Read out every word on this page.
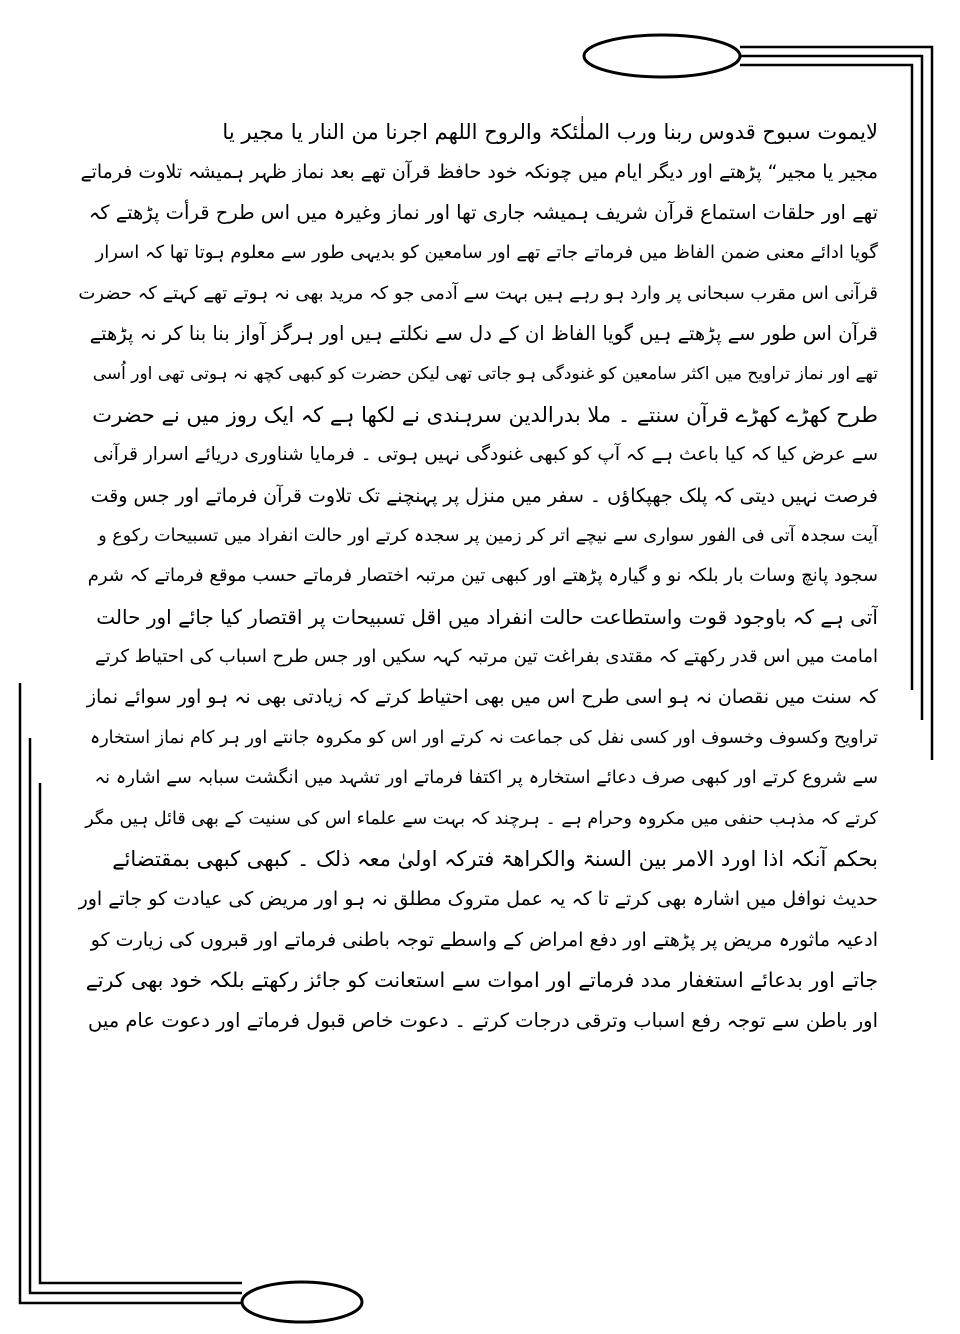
لایموت سبوح قدوس ربنا ورب الملٰئکۃ والروح اللھم اجرنا من النار یا مجیر یا
مجیر یا مجیر“ پڑھتے اور دیگر ایام میں چونکہ خود حافظ قرآن تھے بعد نماز ظہر ہمیشہ تلاوت فرماتے
تھے اور حلقات استماع قرآن شریف ہمیشہ جاری تھا اور نماز وغیرہ میں اس طرح قرأت پڑھتے کہ
گویا ادائے معنی ضمن الفاظ میں فرماتے جاتے تھے اور سامعین کو بدیہی طور سے معلوم ہوتا تھا کہ اسرار
قرآنی اس مقرب سبحانی پر وارد ہو رہے ہیں بہت سے آدمی جو کہ مرید بھی نہ ہوتے تھے کہتے کہ حضرت
قرآن اس طور سے پڑھتے ہیں گویا الفاظ ان کے دل سے نکلتے ہیں اور ہرگز آواز بنا بنا کر نہ پڑھتے
تھے اور نماز تراویح میں اکثر سامعین کو غنودگی ہو جاتی تھی لیکن حضرت کو کبھی کچھ نہ ہوتی تھی اور اُسی
طرح کھڑے کھڑے قرآن سنتے ۔ ملا بدرالدین سرہندی نے لکھا ہے کہ ایک روز میں نے حضرت
سے عرض کیا کہ کیا باعث ہے کہ آپ کو کبھی غنودگی نہیں ہوتی ۔ فرمایا شناوری دریائے اسرار قرآنی
فرصت نہیں دیتی کہ پلک جھپکاؤں ۔ سفر میں منزل پر پہنچنے تک تلاوت قرآن فرماتے اور جس وقت
آیت سجدہ آتی فی الفور سواری سے نیچے اتر کر زمین پر سجدہ کرتے اور حالت انفراد میں تسبیحات رکوع و
سجود پانچ وسات بار بلکہ نو و گیارہ پڑھتے اور کبھی تین مرتبہ اختصار فرماتے حسب موقع فرماتے کہ شرم
آتی ہے کہ باوجود قوت واستطاعت حالت انفراد میں اقل تسبیحات پر اقتصار کیا جائے اور حالت
امامت میں اس قدر رکھتے کہ مقتدی بفراغت تین مرتبہ کہہ سکیں اور جس طرح اسباب کی احتیاط کرتے
کہ سنت میں نقصان نہ ہو اسی طرح اس میں بھی احتیاط کرتے کہ زیادتی بھی نہ ہو اور سوائے نماز
تراویح وکسوف وخسوف اور کسی نفل کی جماعت نہ کرتے اور اس کو مکروہ جانتے اور ہر کام نماز استخارہ
سے شروع کرتے اور کبھی صرف دعائے استخارہ پر اکتفا فرماتے اور تشہد میں انگشت سبابہ سے اشارہ نہ
کرتے کہ مذہب حنفی میں مکروہ وحرام ہے ۔ ہرچند کہ بہت سے علماء اس کی سنیت کے بھی قائل ہیں مگر
بحکم آنکہ اذا اورد الامر بین السنۃ والکراھۃ فترکہ اولیٰ معہ ذلک ۔ کبھی کبھی بمقتضائے
حدیث نوافل میں اشارہ بھی کرتے تا کہ یہ عمل متروک مطلق نہ ہو اور مریض کی عیادت کو جاتے اور
ادعیہ ماثورہ مریض پر پڑھتے اور دفع امراض کے واسطے توجہ باطنی فرماتے اور قبروں کی زیارت کو
جاتے اور بدعائے استغفار مدد فرماتے اور اموات سے استعانت کو جائز رکھتے بلکہ خود بھی کرتے
اور باطن سے توجہ رفع اسباب وترقی درجات کرتے ۔ دعوت خاص قبول فرماتے اور دعوت عام میں
